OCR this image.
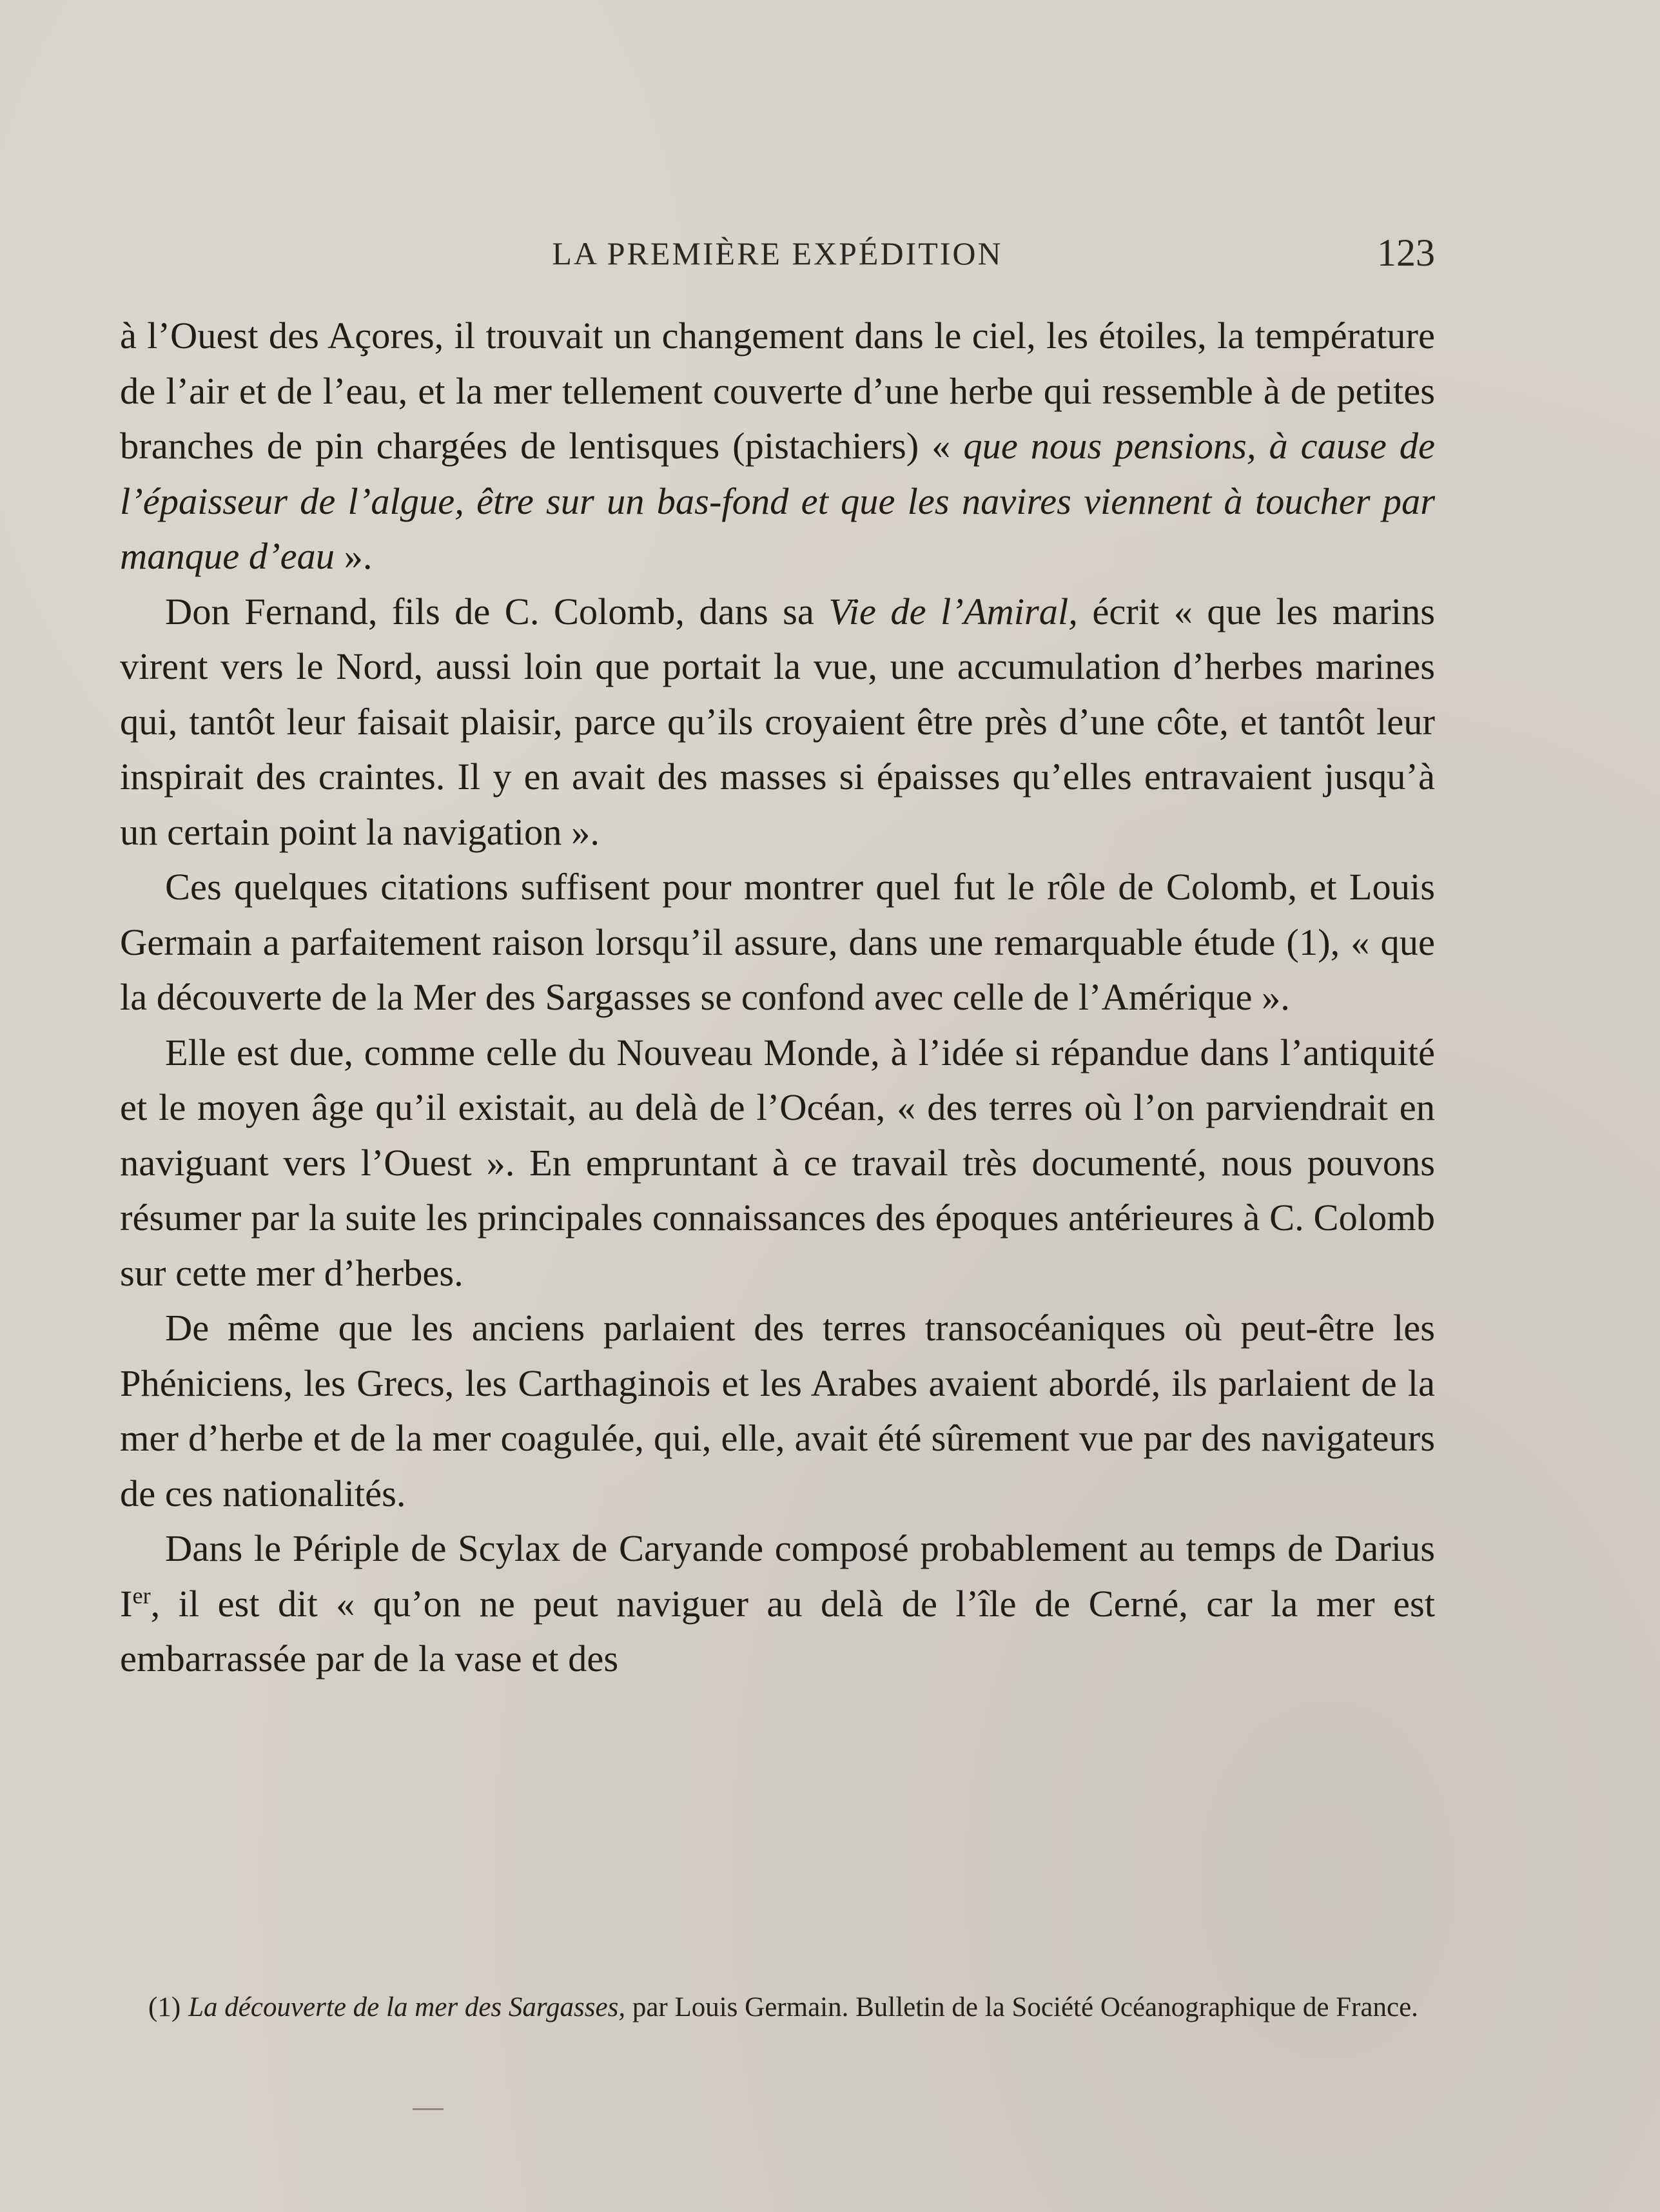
LA PREMIÈRE EXPÉDITION	123

à l’Ouest des Açores, il trouvait un changement dans le ciel, les étoiles, la température de l’air et de l’eau, et la mer tellement couverte d’une herbe qui ressemble à de petites branches de pin chargées de lentisques (pistachiers) « que nous pensions, à cause de l’épaisseur de l’algue, être sur un bas-fond et que les navires viennent à toucher par manque d’eau ».

Don Fernand, fils de C. Colomb, dans sa Vie de l’Amiral, écrit « que les marins virent vers le Nord, aussi loin que portait la vue, une accumulation d’herbes marines qui, tantôt leur faisait plaisir, parce qu’ils croyaient être près d’une côte, et tantôt leur inspirait des craintes. Il y en avait des masses si épaisses qu’elles entravaient jusqu’à un certain point la navigation ».

Ces quelques citations suffisent pour montrer quel fut le rôle de Colomb, et Louis Germain a parfaitement raison lorsqu’il assure, dans une remarquable étude (1), « que la découverte de la Mer des Sargasses se confond avec celle de l’Amérique ».

Elle est due, comme celle du Nouveau Monde, à l’idée si répandue dans l’antiquité et le moyen âge qu’il existait, au delà de l’Océan, « des terres où l’on parviendrait en naviguant vers l’Ouest ». En empruntant à ce travail très documenté, nous pouvons résumer par la suite les principales connaissances des époques antérieures à C. Colomb sur cette mer d’herbes.

De même que les anciens parlaient des terres transocéaniques où peut-être les Phéniciens, les Grecs, les Carthaginois et les Arabes avaient abordé, ils parlaient de la mer d’herbe et de la mer coagulée, qui, elle, avait été sûrement vue par des navigateurs de ces nationalités.

Dans le Périple de Scylax de Caryande composé probablement au temps de Darius Ier, il est dit « qu’on ne peut naviguer au delà de l’île de Cerné, car la mer est embarrassée par de la vase et des

(1) La découverte de la mer des Sargasses, par Louis Germain. Bulletin de la Société Océanographique de France.
